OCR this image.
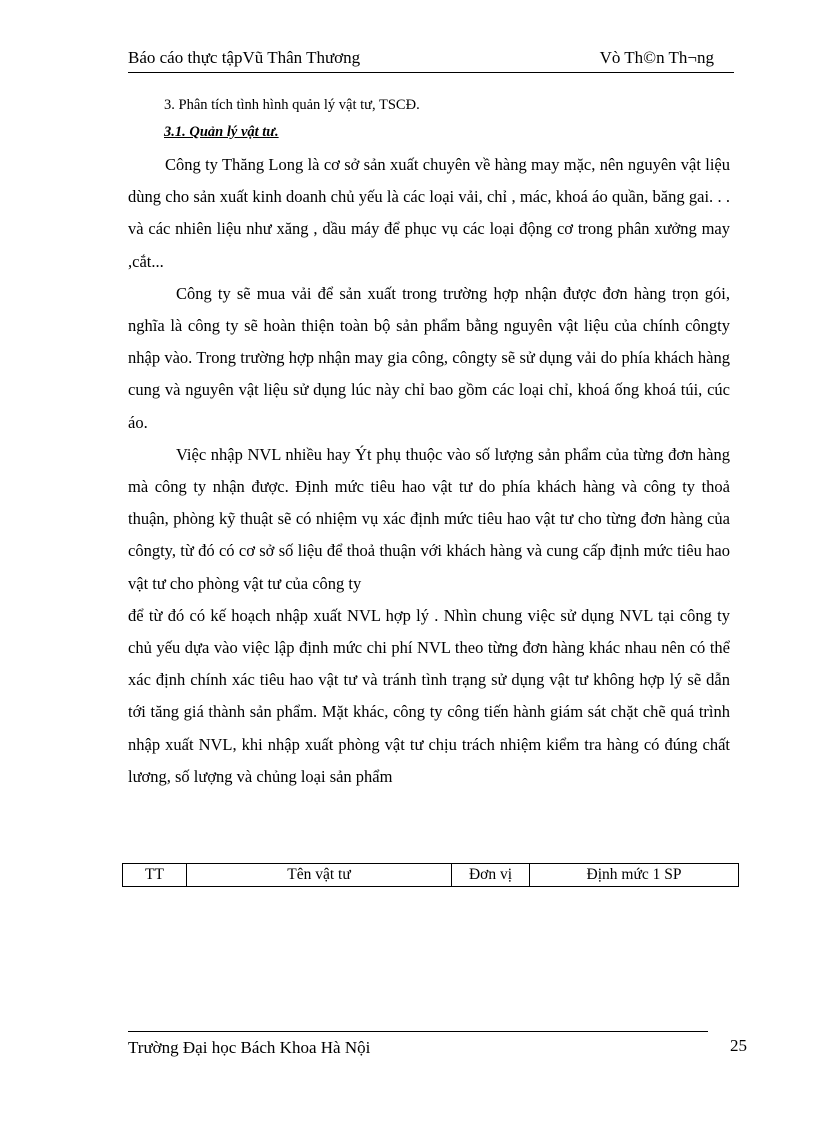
Báo cáo thực tậpVũ Thân Thương	Vò Th©n Th¬ng
3. Phân tích tình hình quản lý vật tư, TSCĐ.
3.1. Quản lý vật tư.

Công ty Thăng Long là cơ sở sản xuất chuyên về hàng may mặc, nên nguyên vật liệu dùng cho sản xuất kinh doanh chủ yếu là các loại vải, chỉ , mác, khoá áo quần, băng gai. . . và các nhiên liệu như xăng , dầu máy để phục vụ các loại động cơ trong phân xưởng may ,cắt...

Công ty sẽ mua vải để sản xuất trong trường hợp nhận được đơn hàng trọn gói, nghĩa là công ty sẽ hoàn thiện toàn bộ sản phẩm bằng nguyên vật liệu của chính côngty nhập vào. Trong trường hợp nhận may gia công, côngty sẽ sử dụng vải do phía khách hàng cung và nguyên vật liệu sử dụng lúc này chỉ bao gồm các loại chỉ, khoá ống khoá túi, cúc áo.

Việc nhập NVL nhiều hay Ýt phụ thuộc vào số lượng sản phẩm của từng đơn hàng mà công ty nhận được. Định mức tiêu hao vật tư do phía khách hàng và công ty thoả thuận, phòng kỹ thuật sẽ có nhiệm vụ xác định mức tiêu hao vật tư cho từng đơn hàng của côngty, từ đó có cơ sở số liệu để thoả thuận với khách hàng và cung cấp định mức tiêu hao vật tư cho phòng vật tư của công ty

để từ đó có kế hoạch nhập xuất NVL hợp lý . Nhìn chung việc sử dụng NVL tại công ty chủ yếu dựa vào việc lập định mức chi phí NVL theo từng đơn hàng khác nhau nên có thể xác định chính xác tiêu hao vật tư và tránh tình trạng sử dụng vật tư không hợp lý sẽ dẫn tới tăng giá thành sản phẩm. Mặt khác, công ty công tiến hành giám sát chặt chẽ quá trình nhập xuất NVL, khi nhập xuất phòng vật tư chịu trách nhiệm kiểm tra hàng có đúng chất lương, số lượng và chủng loại sản phẩm

TT	Tên vật tư	Đơn vị	Định mức 1 SP
Trường Đại học Bách Khoa Hà Nội	25
